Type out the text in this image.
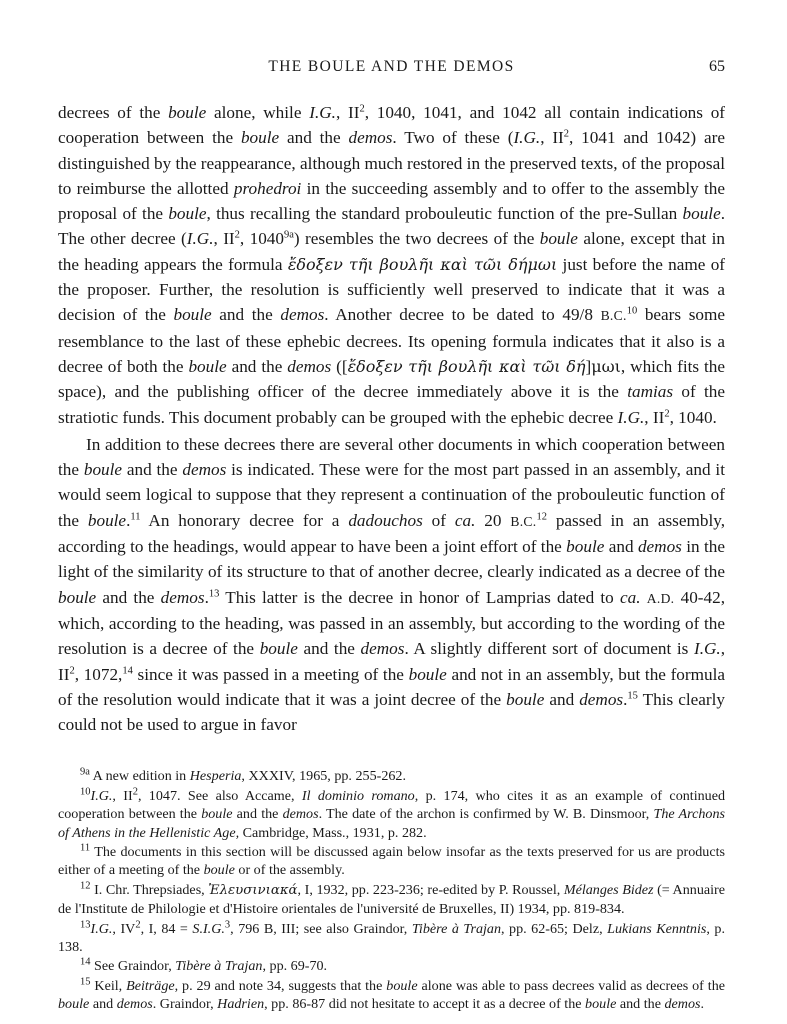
THE BOULE AND THE DEMOS	65

decrees of the boule alone, while I.G., $II^2$, 1040, 1041, and 1042 all contain indications of cooperation between the boule and the demos. Two of these (I.G., $II^2$, 1041 and 1042) are distinguished by the reappearance, although much restored in the preserved texts, of the proposal to reimburse the allotted prohedroi in the succeeding assembly and to offer to the assembly the proposal of the boule, thus recalling the standard probouleutic function of the pre-Sullan boule. The other decree (I.G., $II^2$, $1040^{9a}$) resembles the two decrees of the boule alone, except that in the heading appears the formula ἔδοξεν τῆι βουλῆι καὶ τῶι δήμωι just before the name of the proposer. Further, the resolution is sufficiently well preserved to indicate that it was a decision of the boule and the demos. Another decree to be dated to 49/8 B.C.$^{10}$ bears some resemblance to the last of these ephebic decrees. Its opening formula indicates that it also is a decree of both the boule and the demos ([ἔδοξεν τῆι βουλῆι καὶ τῶι δή]μωι, which fits the space), and the publishing officer of the decree immediately above it is the tamias of the stratiotic funds. This document probably can be grouped with the ephebic decree I.G., $II^2$, 1040.

In addition to these decrees there are several other documents in which cooperation between the boule and the demos is indicated. These were for the most part passed in an assembly, and it would seem logical to suppose that they represent a continuation of the probouleutic function of the boule.$^{11}$ An honorary decree for a dadouchos of ca. 20 B.C.$^{12}$ passed in an assembly, according to the headings, would appear to have been a joint effort of the boule and demos in the light of the similarity of its structure to that of another decree, clearly indicated as a decree of the boule and the demos.$^{13}$ This latter is the decree in honor of Lamprias dated to ca. A.D. 40-42, which, according to the heading, was passed in an assembly, but according to the wording of the resolution is a decree of the boule and the demos. A slightly different sort of document is I.G., $II^2$, 1072,14 since it was passed in a meeting of the boule and not in an assembly, but the formula of the resolution would indicate that it was a joint decree of the boule and demos.$^{15}$ This clearly could not be used to argue in favor

$^{9a}$ A new edition in Hesperia, XXXIV, 1965, pp. 255-262.

$^{10}$I.G., $II^2$, 1047. See also Accame, Il dominio romano, p. 174, who cites it as an example of continued cooperation between the boule and the demos. The date of the archon is confirmed by W. B. Dinsmoor, The Archons of Athens in the Hellenistic Age, Cambridge, Mass., 1931, p. 282.

$^{11}$ The documents in this section will be discussed again below insofar as the texts preserved for us are products either of a meeting of the boule or of the assembly.

$^{12}$ I. Chr. Threpsiades, Ἐλευσινιακά, I, 1932, pp. 223-236; re-edited by P. Roussel, Mélanges Bidez (= Annuaire de l'Institute de Philologie et d'Histoire orientales de l'université de Bruxelles, II) 1934, pp. 819-834.

$^{13}$I.G., $IV^2$, I, 84 = S.I.G.$^3$, 796 B, III; see also Graindor, Tibère à Trajan, pp. 62-65; Delz, Lukians Kenntnis, p. 138.

$^{14}$ See Graindor, Tibère à Trajan, pp. 69-70.

$^{15}$ Keil, Beiträge, p. 29 and note 34, suggests that the boule alone was able to pass decrees valid as decrees of the boule and demos. Graindor, Hadrien, pp. 86-87 did not hesitate to accept it as a decree of the boule and the demos.
